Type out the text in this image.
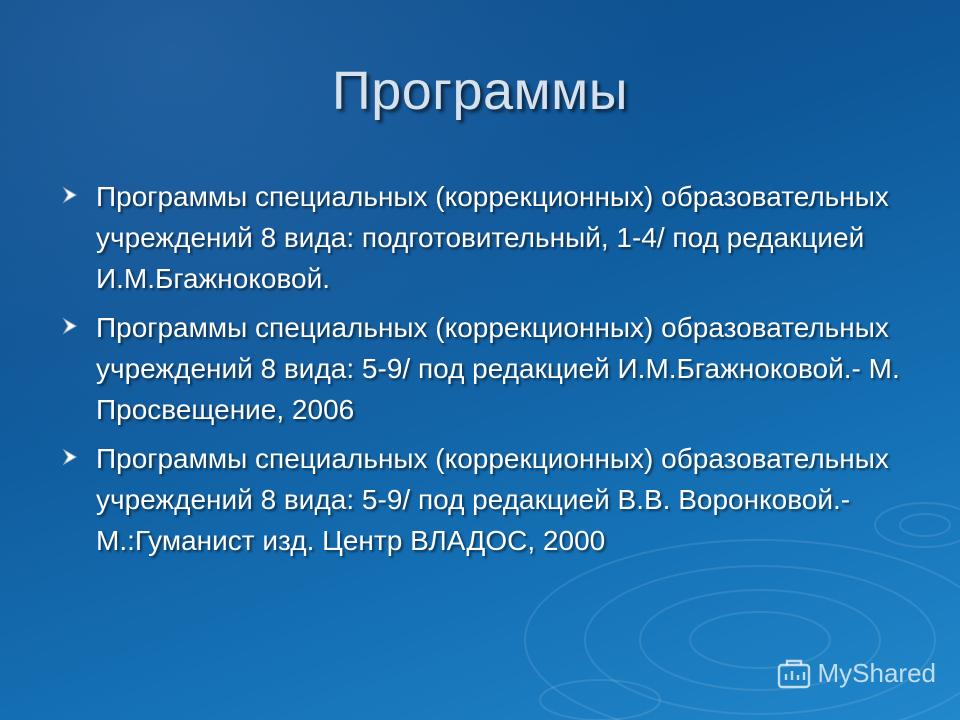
Программы
Программы специальных (коррекционных) образовательных учреждений 8 вида: подготовительный, 1-4/ под редакцией И.М.Бгажноковой.
Программы специальных (коррекционных) образовательных учреждений 8 вида: 5-9/ под редакцией И.М.Бгажноковой.- М. Просвещение, 2006
Программы специальных (коррекционных) образовательных учреждений 8 вида: 5-9/ под редакцией В.В. Воронковой.- М.:Гуманист изд. Центр ВЛАДОС, 2000
MyShared
